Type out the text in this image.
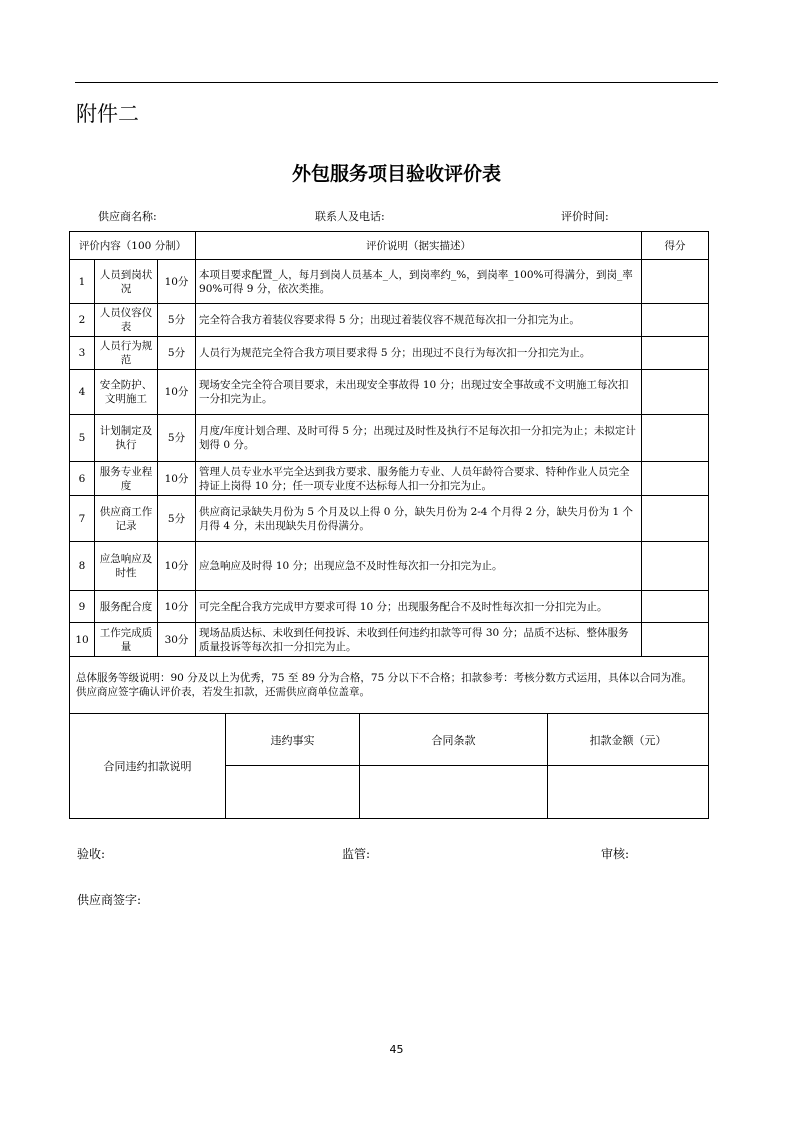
附件二
外包服务项目验收评价表
供应商名称:	联系人及电话:	评价时间:
评价内容（100 分制）			评价说明（据实描述）	得分
1	人员到岗状况	10分	本项目要求配置_人，每月到岗人员基本_人，到岗率约_%，到岗率_100%可得满分，到岗_率 90%可得 9 分，依次类推。	
2	人员仪容仪表	5分	完全符合我方着装仪容要求得 5 分；出现过着装仪容不规范每次扣一分扣完为止。	
3	人员行为规范	5分	人员行为规范完全符合我方项目要求得 5 分；出现过不良行为每次扣一分扣完为止。	
4	安全防护、文明施工	10分	现场安全完全符合项目要求，未出现安全事故得 10 分；出现过安全事故或不文明施工每次扣一分扣完为止。	
5	计划制定及执行	5分	月度/年度计划合理、及时可得 5 分；出现过及时性及执行不足每次扣一分扣完为止；未拟定计划得 0 分。	
6	服务专业程度	10分	管理人员专业水平完全达到我方要求、服务能力专业、人员年龄符合要求、特种作业人员完全持证上岗得 10 分；任一项专业度不达标每人扣一分扣完为止。	
7	供应商工作记录	5分	供应商记录缺失月份为 5 个月及以上得 0 分，缺失月份为 2-4 个月得 2 分，缺失月份为 1 个月得 4 分，未出现缺失月份得满分。	
8	应急响应及时性	10分	应急响应及时得 10 分；出现应急不及时性每次扣一分扣完为止。	
9	服务配合度	10分	可完全配合我方完成甲方要求可得 10 分；出现服务配合不及时性每次扣一分扣完为止。	
10	工作完成质量	30分	现场品质达标、未收到任何投诉、未收到任何违约扣款等可得 30 分；品质不达标、整体服务质量投诉等每次扣一分扣完为止。	
总体服务等级说明：90 分及以上为优秀，75 至 89 分为合格，75 分以下不合格；扣款参考：考核分数方式运用，具体以合同为准。供应商应签字确认评价表，若发生扣款，还需供应商单位盖章。				
合同违约扣款说明	违约事实	合同条款	扣款金额（元）

验收:	监管:	审核:
供应商签字:
45
